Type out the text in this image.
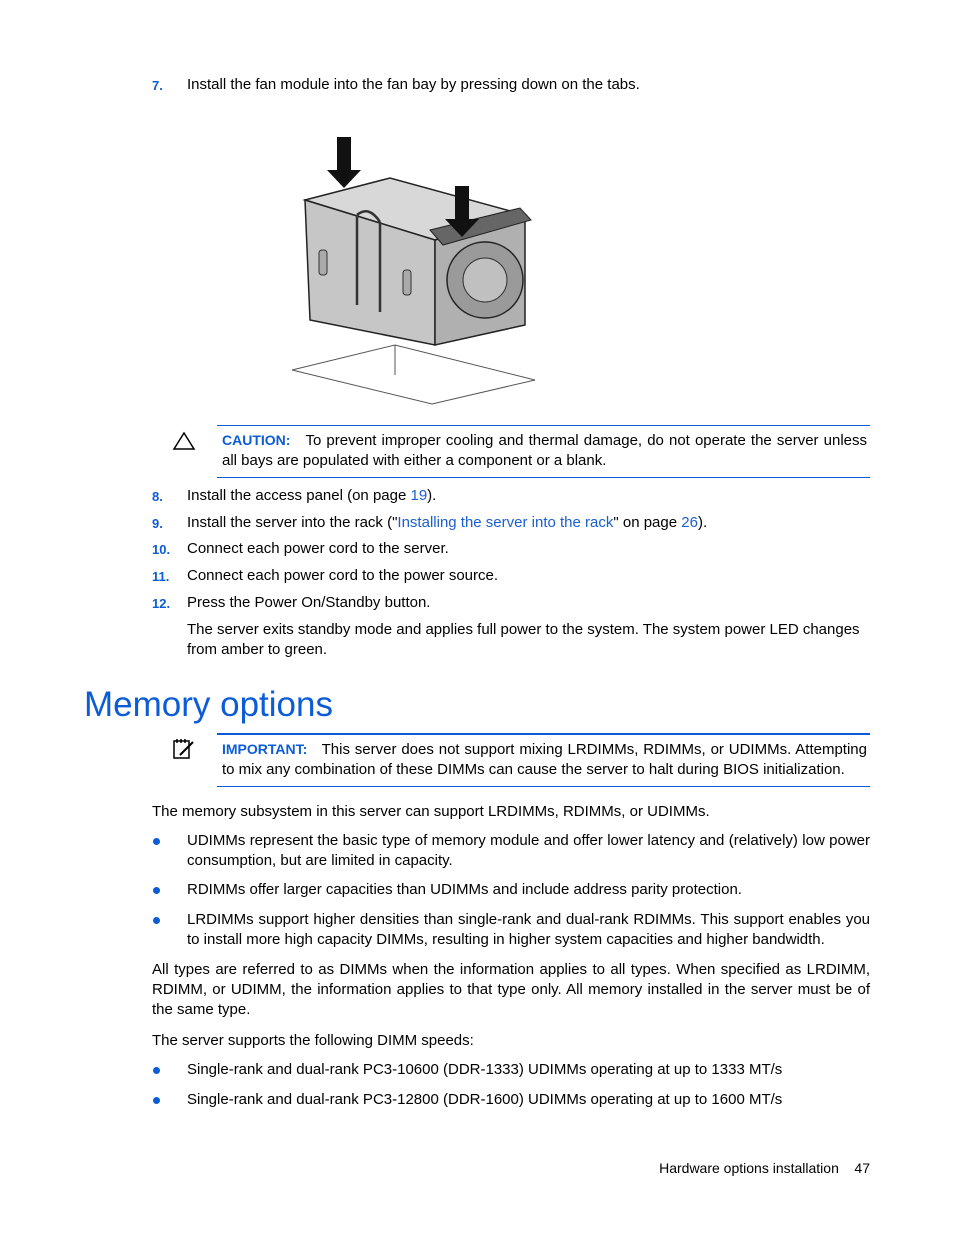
7. Install the fan module into the fan bay by pressing down on the tabs.
CAUTION: To prevent improper cooling and thermal damage, do not operate the server unless all bays are populated with either a component or a blank.
8. Install the access panel (on page 19).
9. Install the server into the rack ("Installing the server into the rack" on page 26).
10. Connect each power cord to the server.
11. Connect each power cord to the power source.
12. Press the Power On/Standby button.
The server exits standby mode and applies full power to the system. The system power LED changes from amber to green.
Memory options
IMPORTANT: This server does not support mixing LRDIMMs, RDIMMs, or UDIMMs. Attempting to mix any combination of these DIMMs can cause the server to halt during BIOS initialization.
The memory subsystem in this server can support LRDIMMs, RDIMMs, or UDIMMs.
UDIMMs represent the basic type of memory module and offer lower latency and (relatively) low power consumption, but are limited in capacity.
RDIMMs offer larger capacities than UDIMMs and include address parity protection.
LRDIMMs support higher densities than single-rank and dual-rank RDIMMs. This support enables you to install more high capacity DIMMs, resulting in higher system capacities and higher bandwidth.
All types are referred to as DIMMs when the information applies to all types. When specified as LRDIMM, RDIMM, or UDIMM, the information applies to that type only. All memory installed in the server must be of the same type.
The server supports the following DIMM speeds:
Single-rank and dual-rank PC3-10600 (DDR-1333) UDIMMs operating at up to 1333 MT/s
Single-rank and dual-rank PC3-12800 (DDR-1600) UDIMMs operating at up to 1600 MT/s
Hardware options installation 47
